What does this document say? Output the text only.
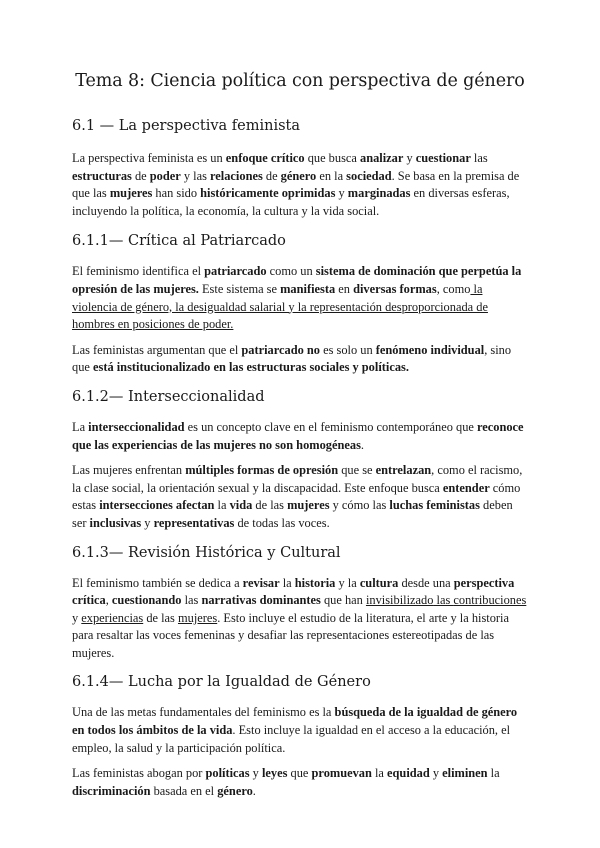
Tema 8: Ciencia política con perspectiva de género
6.1 — La perspectiva feminista

La perspectiva feminista es un enfoque crítico que busca analizar y cuestionar las estructuras de poder y las relaciones de género en la sociedad. Se basa en la premisa de que las mujeres han sido históricamente oprimidas y marginadas en diversas esferas, incluyendo la política, la economía, la cultura y la vida social.

6.1.1— Crítica al Patriarcado

El feminismo identifica el patriarcado como un sistema de dominación que perpetúa la opresión de las mujeres. Este sistema se manifiesta en diversas formas, como la violencia de género, la desigualdad salarial y la representación desproporcionada de hombres en posiciones de poder.

Las feministas argumentan que el patriarcado no es solo un fenómeno individual, sino que está institucionalizado en las estructuras sociales y políticas.

6.1.2— Interseccionalidad

La interseccionalidad es un concepto clave en el feminismo contemporáneo que reconoce que las experiencias de las mujeres no son homogéneas.

Las mujeres enfrentan múltiples formas de opresión que se entrelazan, como el racismo, la clase social, la orientación sexual y la discapacidad. Este enfoque busca entender cómo estas intersecciones afectan la vida de las mujeres y cómo las luchas feministas deben ser inclusivas y representativas de todas las voces.

6.1.3— Revisión Histórica y Cultural

El feminismo también se dedica a revisar la historia y la cultura desde una perspectiva crítica, cuestionando las narrativas dominantes que han invisibilizado las contribuciones y experiencias de las mujeres. Esto incluye el estudio de la literatura, el arte y la historia para resaltar las voces femeninas y desafiar las representaciones estereotipadas de las mujeres.

6.1.4— Lucha por la Igualdad de Género

Una de las metas fundamentales del feminismo es la búsqueda de la igualdad de género en todos los ámbitos de la vida. Esto incluye la igualdad en el acceso a la educación, el empleo, la salud y la participación política.

Las feministas abogan por políticas y leyes que promuevan la equidad y eliminen la discriminación basada en el género.
